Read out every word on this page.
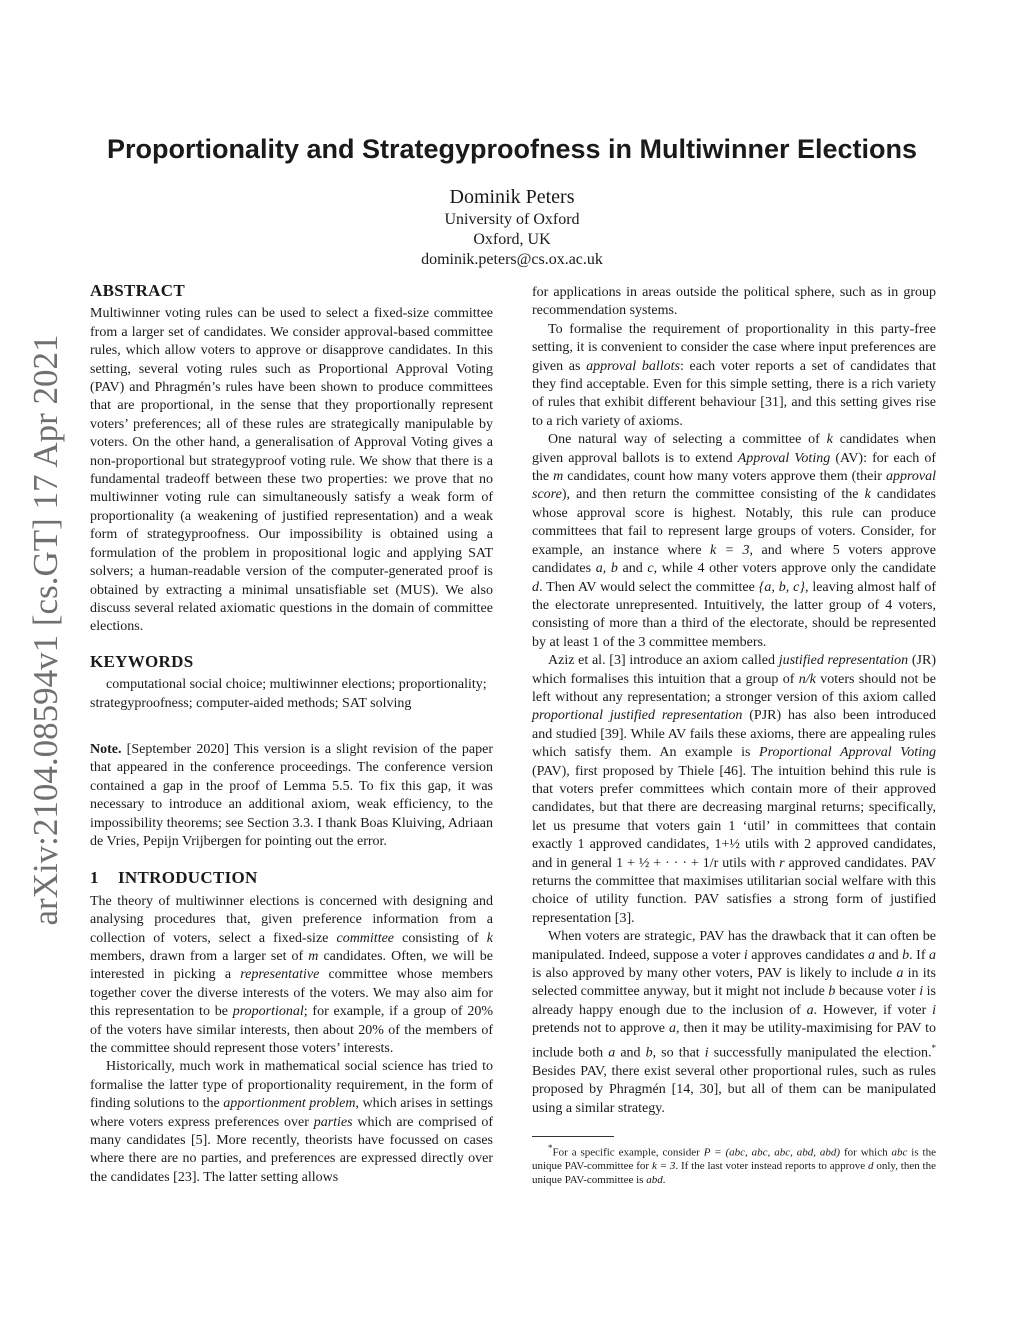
arXiv:2104.08594v1 [cs.GT] 17 Apr 2021
Proportionality and Strategyproofness in Multiwinner Elections
Dominik Peters
University of Oxford
Oxford, UK
dominik.peters@cs.ox.ac.uk
ABSTRACT

Multiwinner voting rules can be used to select a fixed-size committee from a larger set of candidates. We consider approval-based committee rules, which allow voters to approve or disapprove candidates. In this setting, several voting rules such as Proportional Approval Voting (PAV) and Phragmén’s rules have been shown to produce committees that are proportional, in the sense that they proportionally represent voters’ preferences; all of these rules are strategically manipulable by voters. On the other hand, a generalisation of Approval Voting gives a non-proportional but strategyproof voting rule. We show that there is a fundamental tradeoff between these two properties: we prove that no multiwinner voting rule can simultaneously satisfy a weak form of proportionality (a weakening of justified representation) and a weak form of strategyproofness. Our impossibility is obtained using a formulation of the problem in propositional logic and applying SAT solvers; a human-readable version of the computer-generated proof is obtained by extracting a minimal unsatisfiable set (MUS). We also discuss several related axiomatic questions in the domain of committee elections.

KEYWORDS

computational social choice; multiwinner elections; proportionality; strategyproofness; computer-aided methods; SAT solving

Note. [September 2020] This version is a slight revision of the paper that appeared in the conference proceedings. The conference version contained a gap in the proof of Lemma 5.5. To fix this gap, it was necessary to introduce an additional axiom, weak efficiency, to the impossibility theorems; see Section 3.3. I thank Boas Kluiving, Adriaan de Vries, Pepijn Vrijbergen for pointing out the error.

1 INTRODUCTION

The theory of multiwinner elections is concerned with designing and analysing procedures that, given preference information from a collection of voters, select a fixed-size committee consisting of k members, drawn from a larger set of m candidates. Often, we will be interested in picking a representative committee whose members together cover the diverse interests of the voters. We may also aim for this representation to be proportional; for example, if a group of 20% of the voters have similar interests, then about 20% of the members of the committee should represent those voters’ interests.

Historically, much work in mathematical social science has tried to formalise the latter type of proportionality requirement, in the form of finding solutions to the apportionment problem, which arises in settings where voters express preferences over parties which are comprised of many candidates [5]. More recently, theorists have focussed on cases where there are no parties, and preferences are expressed directly over the candidates [23]. The latter setting allows

for applications in areas outside the political sphere, such as in group recommendation systems.

To formalise the requirement of proportionality in this party-free setting, it is convenient to consider the case where input preferences are given as approval ballots: each voter reports a set of candidates that they find acceptable. Even for this simple setting, there is a rich variety of rules that exhibit different behaviour [31], and this setting gives rise to a rich variety of axioms.

One natural way of selecting a committee of k candidates when given approval ballots is to extend Approval Voting (AV): for each of the m candidates, count how many voters approve them (their approval score), and then return the committee consisting of the k candidates whose approval score is highest. Notably, this rule can produce committees that fail to represent large groups of voters. Consider, for example, an instance where k = 3, and where 5 voters approve candidates a, b and c, while 4 other voters approve only the candidate d. Then AV would select the committee {a, b, c}, leaving almost half of the electorate unrepresented. Intuitively, the latter group of 4 voters, consisting of more than a third of the electorate, should be represented by at least 1 of the 3 committee members.

Aziz et al. [3] introduce an axiom called justified representation (JR) which formalises this intuition that a group of n/k voters should not be left without any representation; a stronger version of this axiom called proportional justified representation (PJR) has also been introduced and studied [39]. While AV fails these axioms, there are appealing rules which satisfy them. An example is Proportional Approval Voting (PAV), first proposed by Thiele [46]. The intuition behind this rule is that voters prefer committees which contain more of their approved candidates, but that there are decreasing marginal returns; specifically, let us presume that voters gain 1 ‘util’ in committees that contain exactly 1 approved candidates, 1+½ utils with 2 approved candidates, and in general 1 + ½ + · · · + 1/r utils with r approved candidates. PAV returns the committee that maximises utilitarian social welfare with this choice of utility function. PAV satisfies a strong form of justified representation [3].

When voters are strategic, PAV has the drawback that it can often be manipulated. Indeed, suppose a voter i approves candidates a and b. If a is also approved by many other voters, PAV is likely to include a in its selected committee anyway, but it might not include b because voter i is already happy enough due to the inclusion of a. However, if voter i pretends not to approve a, then it may be utility-maximising for PAV to include both a and b, so that i successfully manipulated the election.* Besides PAV, there exist several other proportional rules, such as rules proposed by Phragmén [14, 30], but all of them can be manipulated using a similar strategy.

*For a specific example, consider P = (abc, abc, abc, abd, abd) for which abc is the unique PAV-committee for k = 3. If the last voter instead reports to approve d only, then the unique PAV-committee is abd.
